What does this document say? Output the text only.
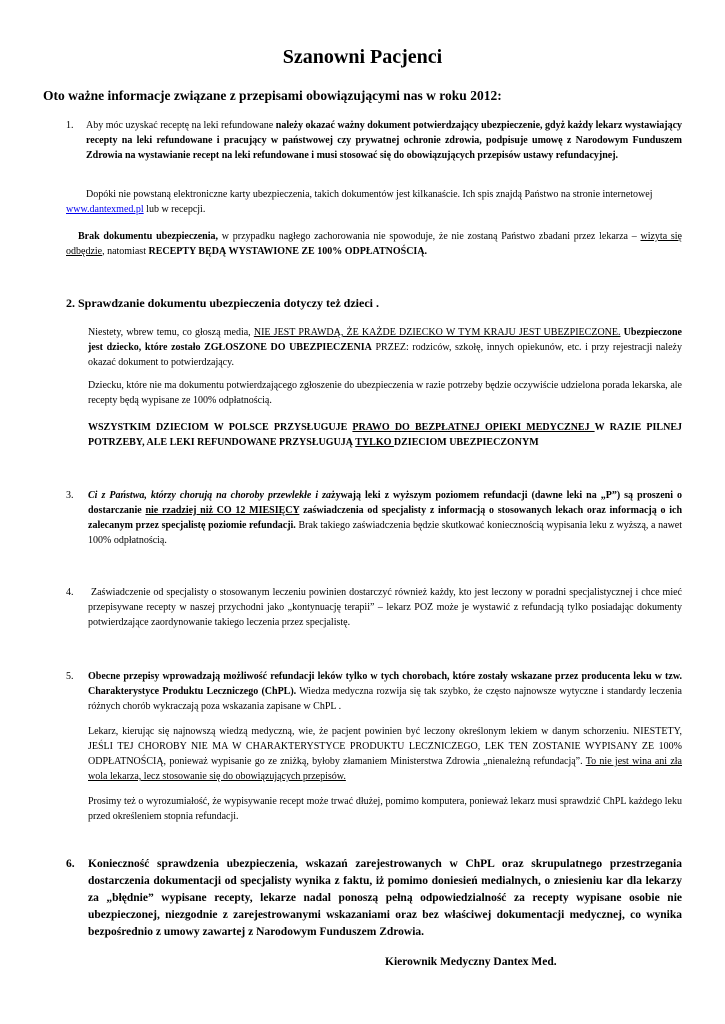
Szanowni Pacjenci

Oto ważne informacje związane z przepisami obowiązującymi nas w roku 2012:

1. Aby móc uzyskać receptę na leki refundowane należy okazać ważny dokument potwierdzający ubezpieczenie, gdyż każdy lekarz wystawiający recepty na leki refundowane i pracujący w państwowej czy prywatnej ochronie zdrowia, podpisuje umowę z Narodowym Funduszem Zdrowia na wystawianie recept na leki refundowane i musi stosować się do obowiązujących przepisów ustawy refundacyjnej.

Dopóki nie powstaną elektroniczne karty ubezpieczenia, takich dokumentów jest kilkanaście. Ich spis znajdą Państwo na stronie internetowej

www.dantexmed.pl lub w recepcji.

Brak dokumentu ubezpieczenia, w przypadku nagłego zachorowania nie spowoduje, że nie zostaną Państwo zbadani przez lekarza – wizyta się odbędzie, natomiast RECEPTY BĘDĄ WYSTAWIONE ZE 100% ODPŁATNOŚCIĄ.

2. Sprawdzanie dokumentu ubezpieczenia dotyczy też dzieci .

Niestety, wbrew temu, co głoszą media, NIE JEST PRAWDĄ, ŻE KAŻDE DZIECKO W TYM KRAJU JEST UBEZPIECZONE. Ubezpieczone jest dziecko, które zostało ZGŁOSZONE DO UBEZPIECZENIA PRZEZ: rodziców, szkołę, innych opiekunów, etc. i przy rejestracji należy okazać dokument to potwierdzający.

Dziecku, które nie ma dokumentu potwierdzającego zgłoszenie do ubezpieczenia w razie potrzeby będzie oczywiście udzielona porada lekarska, ale recepty będą wypisane ze 100% odpłatnością.

WSZYSTKIM DZIECIOM W POLSCE PRZYSŁUGUJE PRAWO DO BEZPŁATNEJ OPIEKI MEDYCZNEJ W RAZIE PILNEJ POTRZEBY, ALE LEKI REFUNDOWANE PRZYSŁUGUJĄ TYLKO DZIECIOM UBEZPIECZONYM

3. Ci z Państwa, którzy chorują na choroby przewlekłe i zażywają leki z wyższym poziomem refundacji (dawne leki na „P”) są proszeni o dostarczanie nie rzadziej niż CO 12 MIESIĘCY zaświadczenia od specjalisty z informacją o stosowanych lekach oraz informacją o ich zalecanym przez specjalistę poziomie refundacji. Brak takiego zaświadczenia będzie skutkować koniecznością wypisania leku z wyższą, a nawet 100% odpłatnością.

4.	Zaświadczenie od specjalisty o stosowanym leczeniu powinien dostarczyć również każdy, kto jest leczony w poradni specjalistycznej i chce mieć przepisywane recepty w naszej przychodni jako „kontynuację terapii” – lekarz POZ może je wystawić z refundacją tylko posiadając dokumenty potwierdzające zaordynowanie takiego leczenia przez specjalistę.

5. Obecne przepisy wprowadzają możliwość refundacji leków tylko w tych chorobach, które zostały wskazane przez producenta leku w tzw. Charakterystyce Produktu Leczniczego (ChPL). Wiedza medyczna rozwija się tak szybko, że często najnowsze wytyczne i standardy leczenia różnych chorób wykraczają poza wskazania zapisane w ChPL .

Lekarz, kierując się najnowszą wiedzą medyczną, wie, że pacjent powinien być leczony określonym lekiem w danym schorzeniu. NIESTETY, JEŚLI TEJ CHOROBY NIE MA W CHARAKTERYSTYCE PRODUKTU LECZNICZEGO, LEK TEN ZOSTANIE WYPISANY ZE 100% ODPŁATNOŚCIĄ, ponieważ wypisanie go ze zniżką, byłoby złamaniem Ministerstwa Zdrowia „nienależną refundacją”. To nie jest wina ani zła wola lekarza, lecz stosowanie się do obowiązujących przepisów.

Prosimy też o wyrozumiałość, że wypisywanie recept może trwać dłużej, pomimo komputera, ponieważ lekarz musi sprawdzić ChPL każdego leku przed określeniem stopnia refundacji.

6. Konieczność sprawdzenia ubezpieczenia, wskazań zarejestrowanych w ChPL oraz skrupulatnego przestrzegania dostarczenia dokumentacji od specjalisty wynika z faktu, iż pomimo doniesień medialnych, o zniesieniu kar dla lekarzy za „błędnie” wypisane recepty, lekarze nadal ponoszą pełną odpowiedzialność za recepty wypisane osobie nie ubezpieczonej, niezgodnie z zarejestrowanymi wskazaniami oraz bez właściwej dokumentacji medycznej, co wynika bezpośrednio z umowy zawartej z Narodowym Funduszem Zdrowia.

Kierownik Medyczny Dantex Med.
